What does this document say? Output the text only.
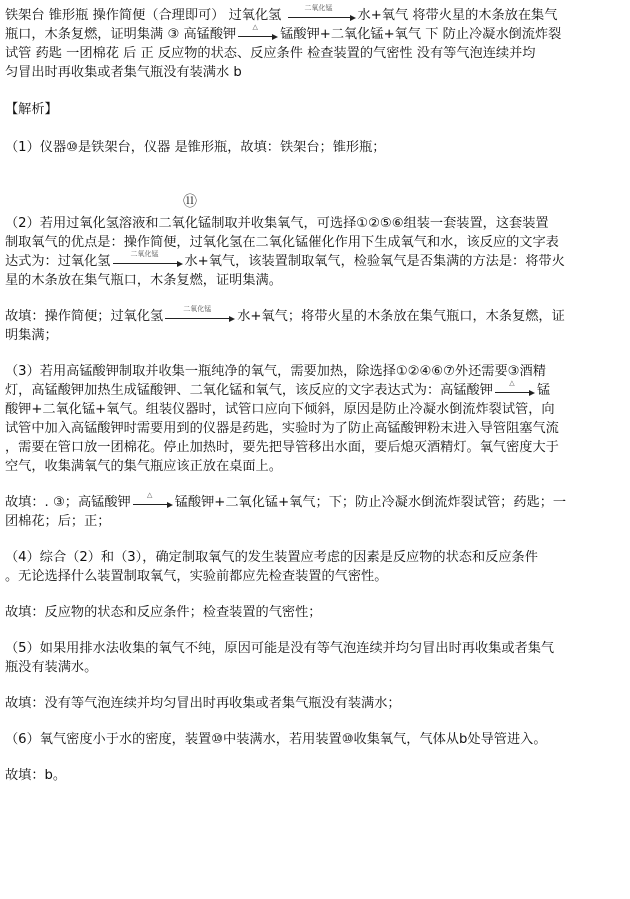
铁架台 锥形瓶 操作简便（合理即可） 过氧化氢	二氧化锰	水+氧气 将带火星的木条放在集气

瓶口，木条复燃，证明集满 ③ 高锰酸钾	△	锰酸钾+二氧化锰+氧气 下 防止冷凝水倒流炸裂

试管 药匙 一团棉花 后 正 反应物的状态、反应条件 检查装置的气密性 没有等气泡连续并均

匀冒出时再收集或者集气瓶没有装满水 b

【解析】

（1）仪器⑩是铁架台，仪器 是锥形瓶，故填：铁架台；锥形瓶；

（2）若用过氧化氢溶液和二氧化锰制取并收集氧气，可选择①②⑤⑥组装一套装置，这套装置

制取氧气的优点是：操作简便，过氧化氢在二氧化锰催化作用下生成氧气和水，该反应的文字表

达式为：过氧化氢	二氧化锰	水+氧气，该装置制取氧气，检验氧气是否集满的方法是：将带火

星的木条放在集气瓶口，木条复燃，证明集满。

故填：操作简便；过氧化氢	二氧化锰	水+氧气；将带火星的木条放在集气瓶口，木条复燃，证

明集满；

（3）若用高锰酸钾制取并收集一瓶纯净的氧气，需要加热，除选择①②④⑥⑦外还需要③酒精

灯，高锰酸钾加热生成锰酸钾、二氧化锰和氧气，该反应的文字表达式为：高锰酸钾	△	锰

酸钾+二氧化锰+氧气。组装仪器时，试管口应向下倾斜，原因是防止冷凝水倒流炸裂试管，向

试管中加入高锰酸钾时需要用到的仪器是药匙，实验时为了防止高锰酸钾粉末进入导管阻塞气流

，需要在管口放一团棉花。停止加热时，要先把导管移出水面，要后熄灭酒精灯。氧气密度大于

空气，收集满氧气的集气瓶应该正放在桌面上。

故填：. ③；高锰酸钾	△	锰酸钾+二氧化锰+氧气；下；防止冷凝水倒流炸裂试管；药匙；一

团棉花；后；正；

（4）综合（2）和（3），确定制取氧气的发生装置应考虑的因素是反应物的状态和反应条件

。无论选择什么装置制取氧气，实验前都应先检查装置的气密性。

故填：反应物的状态和反应条件；检查装置的气密性；

（5）如果用排水法收集的氧气不纯，原因可能是没有等气泡连续并均匀冒出时再收集或者集气

瓶没有装满水。

故填：没有等气泡连续并均匀冒出时再收集或者集气瓶没有装满水；

（6）氧气密度小于水的密度，装置⑩中装满水，若用装置⑩收集氧气，气体从b处导管进入。

故填：b。

⑪
